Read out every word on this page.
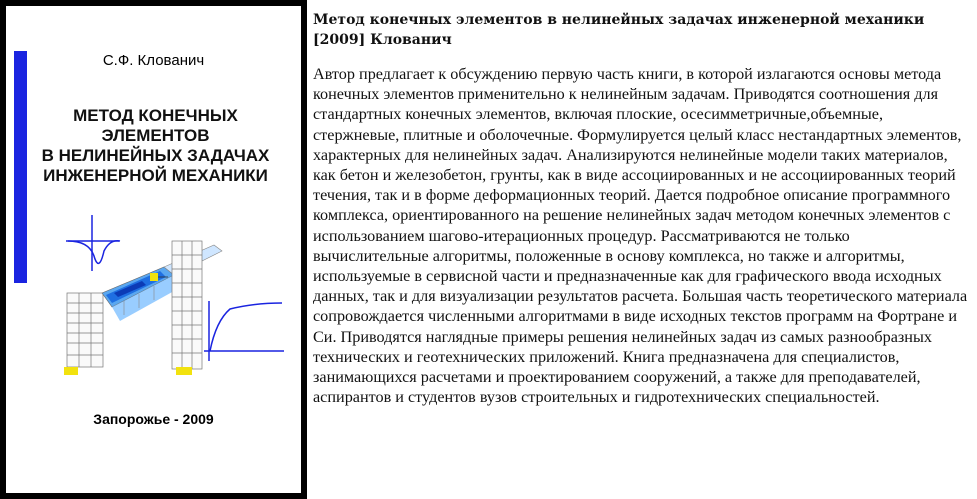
С.Ф. Клованич
МЕТОД КОНЕЧНЫХ
ЭЛЕМЕНТОВ
В НЕЛИНЕЙНЫХ ЗАДАЧАХ
ИНЖЕНЕРНОЙ МЕХАНИКИ
Запорожье - 2009
Метод конечных элементов в нелинейных задачах инженерной механики [2009] Клованич

Автор предлагает к обсуждению первую часть книги, в которой излагаются основы метода конечных элементов применительно к нелинейным задачам. Приводятся соотношения для стандартных конечных элементов, включая плоские, осесимметричные,объемные, стержневые, плитные и оболочечные. Формулируется целый класс нестандартных элементов, характерных для нелинейных задач. Анализируются нелинейные модели таких материалов, как бетон и железобетон, грунты, как в виде ассоциированных и не ассоциированных теорий течения, так и в форме деформационных теорий. Дается подробное описание программного комплекса, ориентированного на решение нелинейных задач методом конечных элементов с использованием шагово-итерационных процедур. Рассматриваются не только вычислительные алгоритмы, положенные в основу комплекса, но также и алгоритмы, используемые в сервисной части и предназначенные как для графического ввода исходных данных, так и для визуализации результатов расчета. Большая часть теоретического материала сопровождается численными алгоритмами в виде исходных текстов программ на Фортране и Си. Приводятся наглядные примеры решения нелинейных задач из самых разнообразных технических и геотехнических приложений. Книга предназначена для специалистов, занимающихся расчетами и проектированием сооружений, а также для преподавателей, аспирантов и студентов вузов строительных и гидротехнических специальностей.
